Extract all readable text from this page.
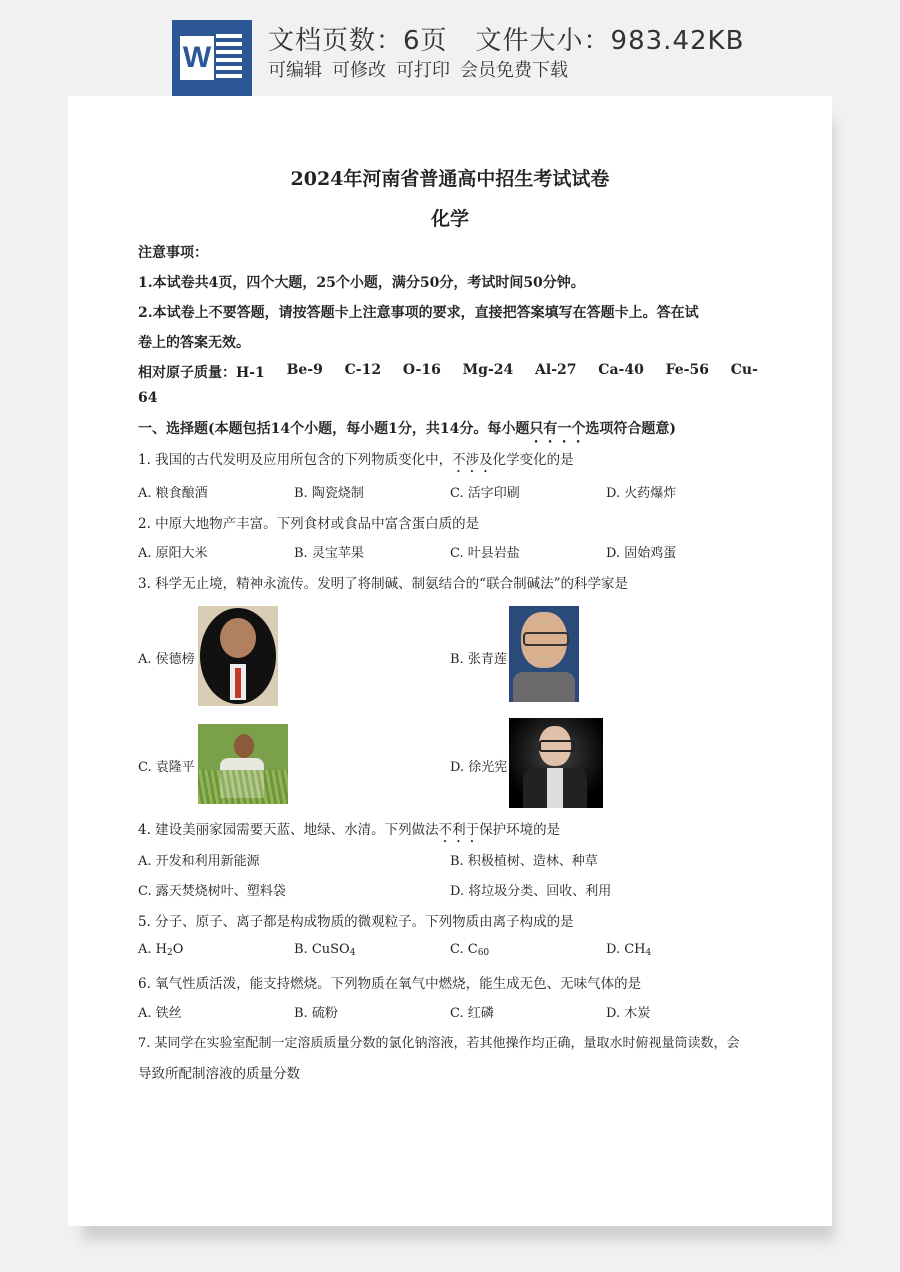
W 文档页数：6页 文件大小：983.42KB
可编辑 可修改 可打印 会员免费下载
2024年河南省普通高中招生考试试卷
化学
注意事项：
1.本试卷共4页，四个大题，25个小题，满分50分，考试时间50分钟。
2.本试卷上不要答题，请按答题卡上注意事项的要求，直接把答案填写在答题卡上。答在试
卷上的答案无效。
相对原子质量：H-1 Be-9 C-12 O-16 Mg-24 Al-27 Ca-40 Fe-56 Cu-
64
一、选择题(本题包括14个小题，每小题1分，共14分。每小题只有一个选项符合题意)
1. 我国的古代发明及应用所包含的下列物质变化中，不涉及化学变化的是
A. 粮食酿酒	B. 陶瓷烧制	C. 活字印刷	D. 火药爆炸
2. 中原大地物产丰富。下列食材或食品中富含蛋白质的是
A. 原阳大米	B. 灵宝苹果	C. 叶县岩盐	D. 固始鸡蛋
3. 科学无止境，精神永流传。发明了将制碱、制氨结合的“联合制碱法”的科学家是
A. 侯德榜	B. 张青莲
C. 袁隆平	D. 徐光宪
4. 建设美丽家园需要天蓝、地绿、水清。下列做法不利于保护环境的是
A. 开发和利用新能源	B. 积极植树、造林、种草
C. 露天焚烧树叶、塑料袋	D. 将垃圾分类、回收、利用
5. 分子、原子、离子都是构成物质的微观粒子。下列物质由离子构成的是
A. $H_2O$	B. CuSO$_4$	C. $C_{60}$	D. $CH_4$
6. 氧气性质活泼，能支持燃烧。下列物质在氧气中燃烧，能生成无色、无味气体的是
A. 铁丝	B. 硫粉	C. 红磷	D. 木炭
7. 某同学在实验室配制一定溶质质量分数的氯化钠溶液，若其他操作均正确，量取水时俯视量筒读数，会
导致所配制溶液的质量分数
